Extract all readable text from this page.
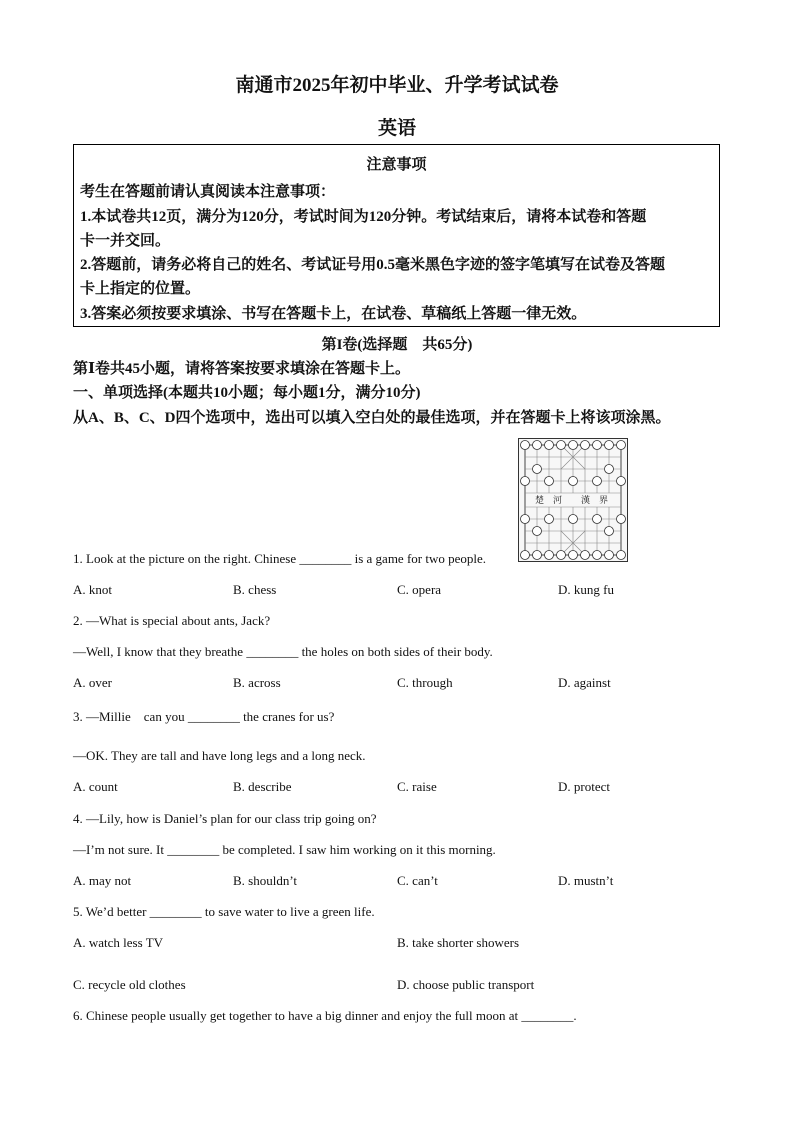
南通市2025年初中毕业、升学考试试卷
英语
注意事项
考生在答题前请认真阅读本注意事项：
1.本试卷共12页，满分为120分，考试时间为120分钟。考试结束后，请将本试卷和答题
卡一并交回。
2.答题前，请务必将自己的姓名、考试证号用0.5毫米黑色字迹的签字笔填写在试卷及答题
卡上指定的位置。
3.答案必须按要求填涂、书写在答题卡上，在试卷、草稿纸上答题一律无效。
第I卷(选择题　共65分)
第Ⅰ卷共45小题，请将答案按要求填涂在答题卡上。
一、单项选择(本题共10小题；每小题1分，满分10分)
从A、B、C、D四个选项中，选出可以填入空白处的最佳选项，并在答题卡上将该项涂黑。
楚　河 漢　界
1. Look at the picture on the right. Chinese ________ is a game for two people.
A. knot	B. chess	C. opera	D. kung fu
2. —What is special about ants, Jack?
—Well, I know that they breathe ________ the holes on both sides of their body.
A. over	B. across	C. through	D. against
3. —Millie　can you ________ the cranes for us?
—OK. They are tall and have long legs and a long neck.
A. count	B. describe	C. raise	D. protect
4. —Lily, how is Daniel’s plan for our class trip going on?
—I’m not sure. It ________ be completed. I saw him working on it this morning.
A. may not	B. shouldn’t	C. can’t	D. mustn’t
5. We’d better ________ to save water to live a green life.
A. watch less TV	B. take shorter showers
C. recycle old clothes	D. choose public transport
6. Chinese people usually get together to have a big dinner and enjoy the full moon at ________.
